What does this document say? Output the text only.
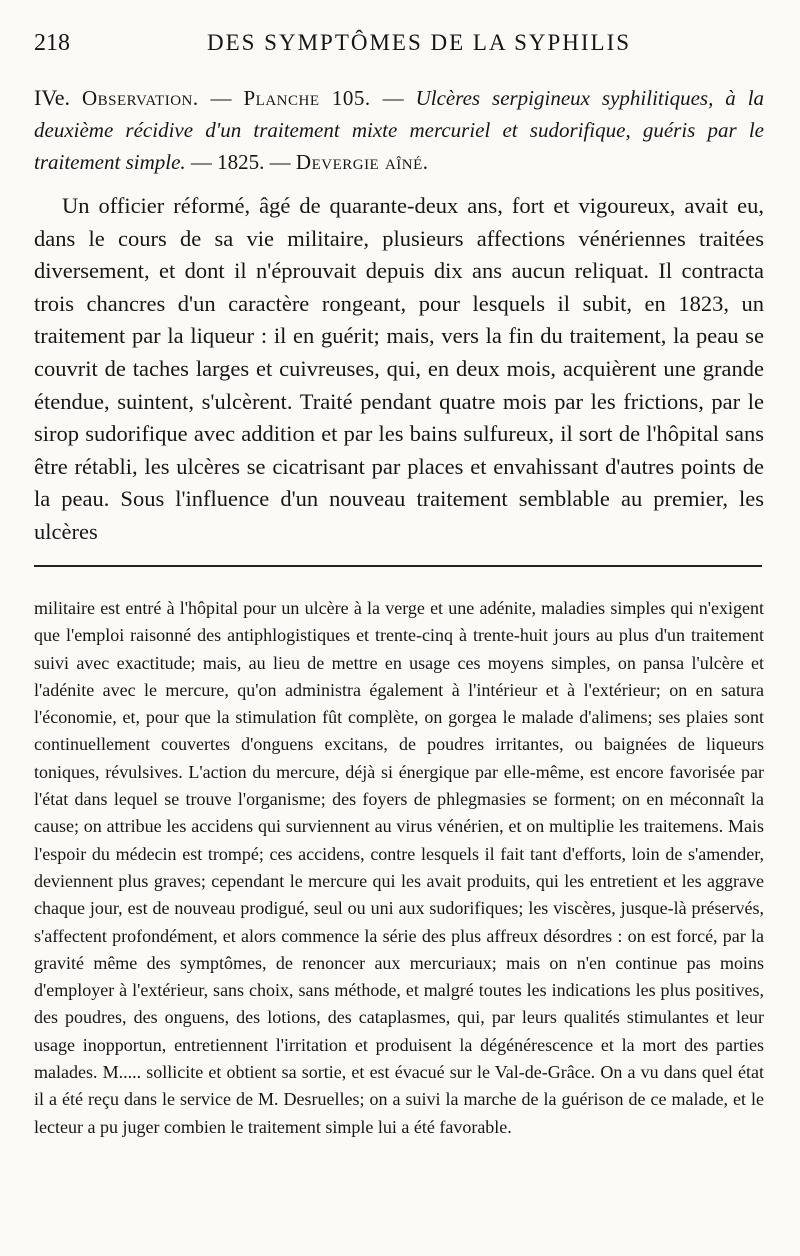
218	DES SYMPTÔMES DE LA SYPHILIS
IVe. Observation. — Planche 105. — Ulcères serpigineux syphilitiques, à la deuxième récidive d'un traitement mixte mercuriel et sudorifique, guéris par le traitement simple. — 1825. — Devergie aîné.

Un officier réformé, âgé de quarante-deux ans, fort et vigoureux, avait eu, dans le cours de sa vie militaire, plusieurs affections vénériennes traitées diversement, et dont il n'éprouvait depuis dix ans aucun reliquat. Il contracta trois chancres d'un caractère rongeant, pour lesquels il subit, en 1823, un traitement par la liqueur : il en guérit; mais, vers la fin du traitement, la peau se couvrit de taches larges et cuivreuses, qui, en deux mois, acquièrent une grande étendue, suintent, s'ulcèrent. Traité pendant quatre mois par les frictions, par le sirop sudorifique avec addition et par les bains sulfureux, il sort de l'hôpital sans être rétabli, les ulcères se cicatrisant par places et envahissant d'autres points de la peau. Sous l'influence d'un nouveau traitement semblable au premier, les ulcères

militaire est entré à l'hôpital pour un ulcère à la verge et une adénite, maladies simples qui n'exigent que l'emploi raisonné des antiphlogistiques et trente-cinq à trente-huit jours au plus d'un traitement suivi avec exactitude; mais, au lieu de mettre en usage ces moyens simples, on pansa l'ulcère et l'adénite avec le mercure, qu'on administra également à l'intérieur et à l'extérieur; on en satura l'économie, et, pour que la stimulation fût complète, on gorgea le malade d'alimens; ses plaies sont continuellement couvertes d'onguens excitans, de poudres irritantes, ou baignées de liqueurs toniques, révulsives. L'action du mercure, déjà si énergique par elle-même, est encore favorisée par l'état dans lequel se trouve l'organisme; des foyers de phlegmasies se forment; on en méconnaît la cause; on attribue les accidens qui surviennent au virus vénérien, et on multiplie les traitemens. Mais l'espoir du médecin est trompé; ces accidens, contre lesquels il fait tant d'efforts, loin de s'amender, deviennent plus graves; cependant le mercure qui les avait produits, qui les entretient et les aggrave chaque jour, est de nouveau prodigué, seul ou uni aux sudorifiques; les viscères, jusque-là préservés, s'affectent profondément, et alors commence la série des plus affreux désordres : on est forcé, par la gravité même des symptômes, de renoncer aux mercuriaux; mais on n'en continue pas moins d'employer à l'extérieur, sans choix, sans méthode, et malgré toutes les indications les plus positives, des poudres, des onguens, des lotions, des cataplasmes, qui, par leurs qualités stimulantes et leur usage inopportun, entretiennent l'irritation et produisent la dégénérescence et la mort des parties malades. M..... sollicite et obtient sa sortie, et est évacué sur le Val-de-Grâce. On a vu dans quel état il a été reçu dans le service de M. Desruelles; on a suivi la marche de la guérison de ce malade, et le lecteur a pu juger combien le traitement simple lui a été favorable.
